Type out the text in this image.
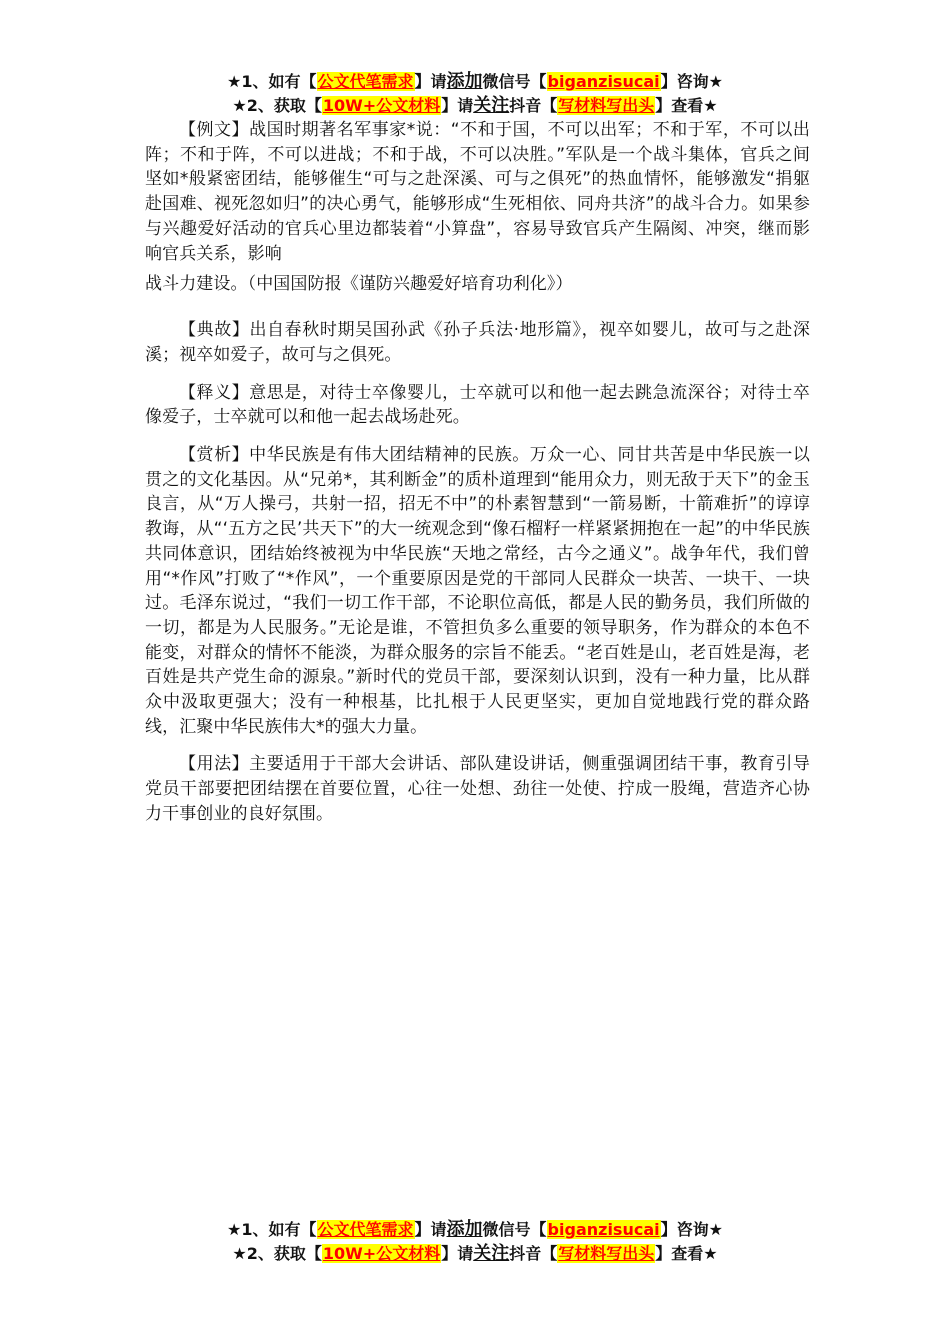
★1、如有【公文代笔需求】请添加微信号【biganzisucai】咨询★
★2、获取【10W+公文材料】请关注抖音【写材料写出头】查看★

【例文】战国时期著名军事家*说：“不和于国，不可以出军；不和于军，不可以出阵；不和于阵，不可以进战；不和于战，不可以决胜。”军队是一个战斗集体，官兵之间坚如*般紧密团结，能够催生“可与之赴深溪、可与之俱死”的热血情怀，能够激发“捐躯赴国难、视死忽如归”的决心勇气，能够形成“生死相依、同舟共济”的战斗合力。如果参与兴趣爱好活动的官兵心里边都装着“小算盘”，容易导致官兵产生隔阂、冲突，继而影响官兵关系，影响

战斗力建设。（中国国防报《谨防兴趣爱好培育功利化》）

【典故】出自春秋时期吴国孙武《孙子兵法·地形篇》，视卒如婴儿，故可与之赴深溪；视卒如爱子，故可与之俱死。

【释义】意思是，对待士卒像婴儿，士卒就可以和他一起去跳急流深谷；对待士卒像爱子，士卒就可以和他一起去战场赴死。

【赏析】中华民族是有伟大团结精神的民族。万众一心、同甘共苦是中华民族一以贯之的文化基因。从“兄弟*，其利断金”的质朴道理到“能用众力，则无敌于天下”的金玉良言，从“万人操弓，共射一招，招无不中”的朴素智慧到“一箭易断，十箭难折”的谆谆教诲，从“‘五方之民’共天下”的大一统观念到“像石榴籽一样紧紧拥抱在一起”的中华民族共同体意识，团结始终被视为中华民族“天地之常经，古今之通义”。战争年代，我们曾用“*作风”打败了“*作风”，一个重要原因是党的干部同人民群众一块苦、一块干、一块过。毛泽东说过，“我们一切工作干部，不论职位高低，都是人民的勤务员，我们所做的一切，都是为人民服务。”无论是谁，不管担负多么重要的领导职务，作为群众的本色不能变，对群众的情怀不能淡，为群众服务的宗旨不能丢。“老百姓是山，老百姓是海，老百姓是共产党生命的源泉。”新时代的党员干部，要深刻认识到，没有一种力量，比从群众中汲取更强大；没有一种根基，比扎根于人民更坚实，更加自觉地践行党的群众路线，汇聚中华民族伟大*的强大力量。

【用法】主要适用于干部大会讲话、部队建设讲话，侧重强调团结干事，教育引导党员干部要把团结摆在首要位置，心往一处想、劲往一处使、拧成一股绳，营造齐心协力干事创业的良好氛围。

★1、如有【公文代笔需求】请添加微信号【biganzisucai】咨询★
★2、获取【10W+公文材料】请关注抖音【写材料写出头】查看★
